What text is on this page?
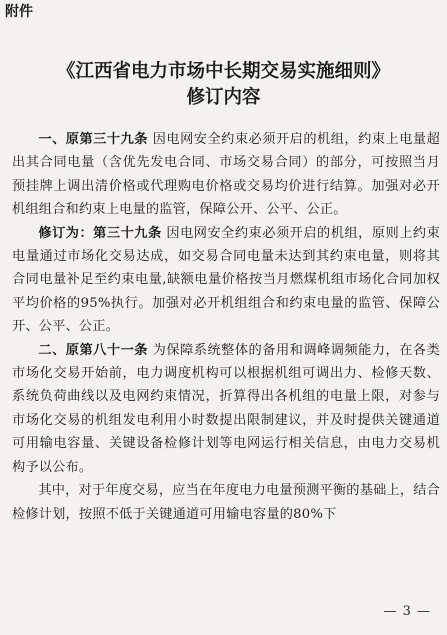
附件
《江西省电力市场中长期交易实施细则》
修订内容

一、原第三十九条 因电网安全约束必须开启的机组，约束上电量超出其合同电量（含优先发电合同、市场交易合同）的部分，可按照当月预挂牌上调出清价格或代理购电价格或交易均价进行结算。加强对必开机组组合和约束上电量的监管，保障公开、公平、公正。

修订为：第三十九条 因电网安全约束必须开启的机组，原则上约束电量通过市场化交易达成，如交易合同电量未达到其约束电量，则将其合同电量补足至约束电量,缺额电量价格按当月燃煤机组市场化合同加权平均价格的95%执行。加强对必开机组组合和约束电量的监管、保障公开、公平、公正。

二、原第八十一条 为保障系统整体的备用和调峰调频能力，在各类市场化交易开始前，电力调度机构可以根据机组可调出力、检修天数、系统负荷曲线以及电网约束情况，折算得出各机组的电量上限，对参与市场化交易的机组发电利用小时数提出限制建议，并及时提供关键通道可用输电容量、关键设备检修计划等电网运行相关信息，由电力交易机构予以公布。

其中，对于年度交易，应当在年度电力电量预测平衡的基础上，结合检修计划，按照不低于关键通道可用输电容量的80%下

— 3 —
